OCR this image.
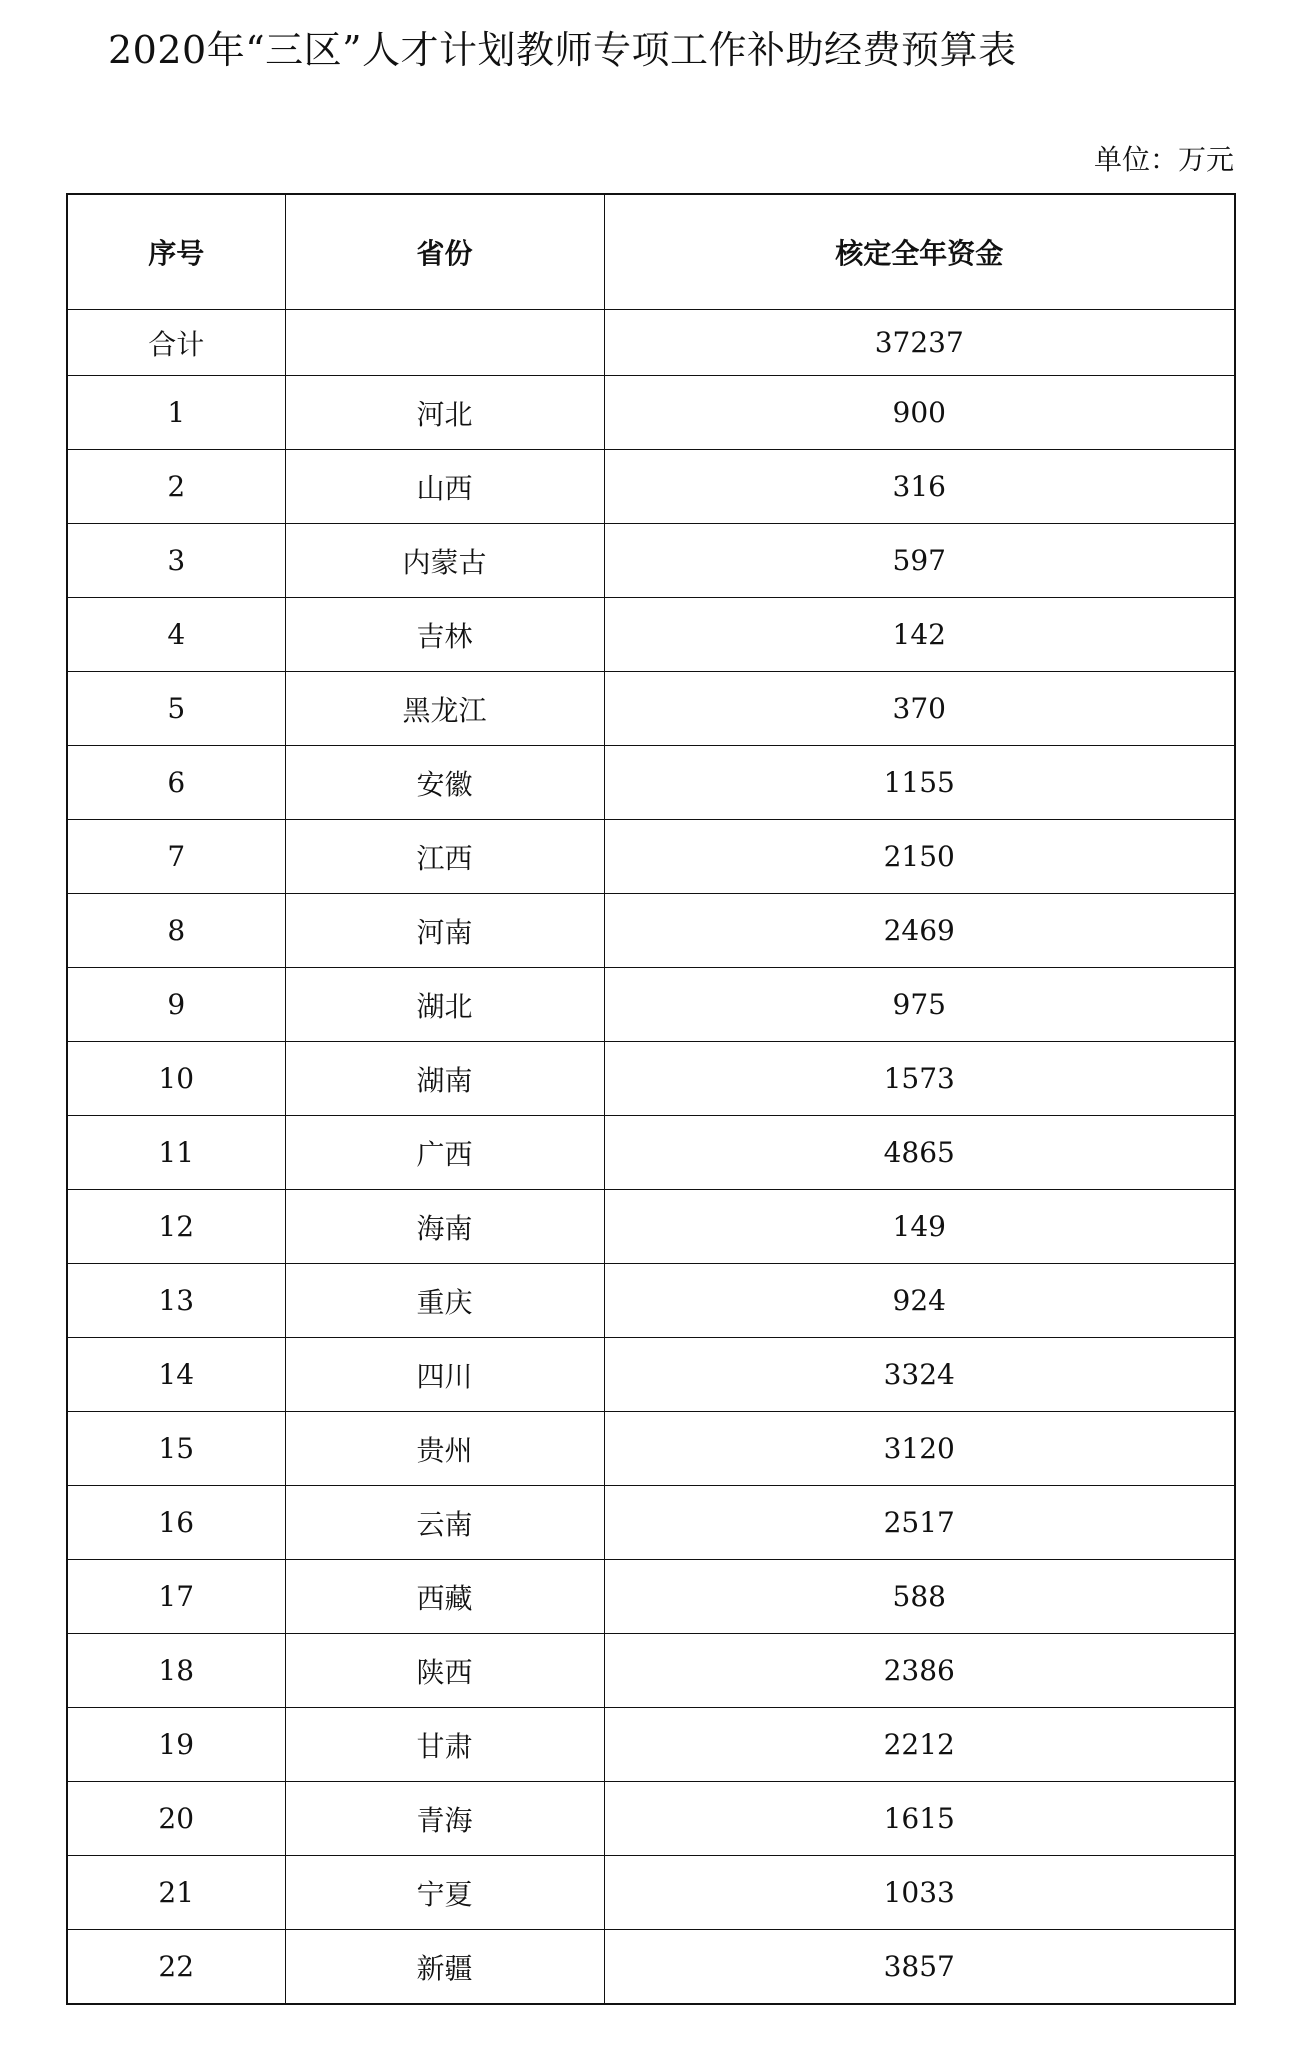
2020年“三区”人才计划教师专项工作补助经费预算表
单位：万元
序号	省份	核定全年资金
合计		37237
1	河北	900
2	山西	316
3	内蒙古	597
4	吉林	142
5	黑龙江	370
6	安徽	1155
7	江西	2150
8	河南	2469
9	湖北	975
10	湖南	1573
11	广西	4865
12	海南	149
13	重庆	924
14	四川	3324
15	贵州	3120
16	云南	2517
17	西藏	588
18	陕西	2386
19	甘肃	2212
20	青海	1615
21	宁夏	1033
22	新疆	3857
